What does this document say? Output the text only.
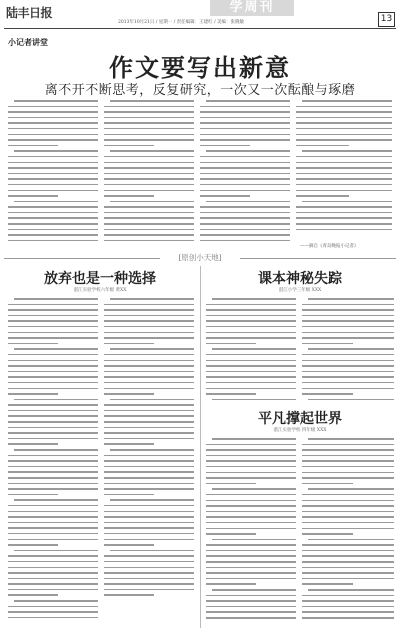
陆丰日报
2013年10月21日 / 星期一 / 责任编辑：王建红 / 美编：张晓敏
学周刊
13
小记者讲堂
作文要写出新意
离不开不断思考，反复研究，一次又一次酝酿与琢磨
——摘自《青岛晚报小记者》
[原创小天地]
放弃也是一种选择
湛江实验学校六年级 黄XX
课本神秘失踪
湛江小学三年级 XXX
平凡撑起世界
湛江实验学校 四年级 XXX
